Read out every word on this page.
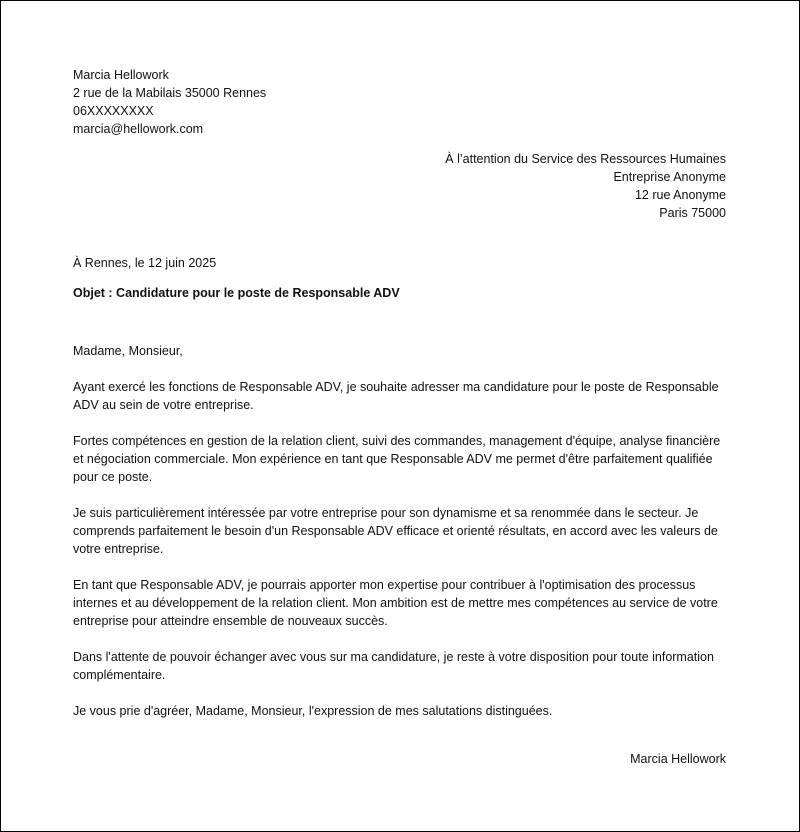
Marcia Hellowork
2 rue de la Mabilais 35000 Rennes
06XXXXXXXX
marcia@hellowork.com
À l’attention du Service des Ressources Humaines
Entreprise Anonyme
12 rue Anonyme
Paris 75000
À Rennes, le 12 juin 2025
Objet : Candidature pour le poste de Responsable ADV

Madame, Monsieur,

Ayant exercé les fonctions de Responsable ADV, je souhaite adresser ma candidature pour le poste de Responsable ADV au sein de votre entreprise.

Fortes compétences en gestion de la relation client, suivi des commandes, management d'équipe, analyse financière et négociation commerciale. Mon expérience en tant que Responsable ADV me permet d'être parfaitement qualifiée pour ce poste.

Je suis particulièrement intéressée par votre entreprise pour son dynamisme et sa renommée dans le secteur. Je comprends parfaitement le besoin d'un Responsable ADV efficace et orienté résultats, en accord avec les valeurs de votre entreprise.

En tant que Responsable ADV, je pourrais apporter mon expertise pour contribuer à l'optimisation des processus internes et au développement de la relation client. Mon ambition est de mettre mes compétences au service de votre entreprise pour atteindre ensemble de nouveaux succès.

Dans l'attente de pouvoir échanger avec vous sur ma candidature, je reste à votre disposition pour toute information complémentaire.

Je vous prie d'agréer, Madame, Monsieur, l'expression de mes salutations distinguées.

Marcia Hellowork
